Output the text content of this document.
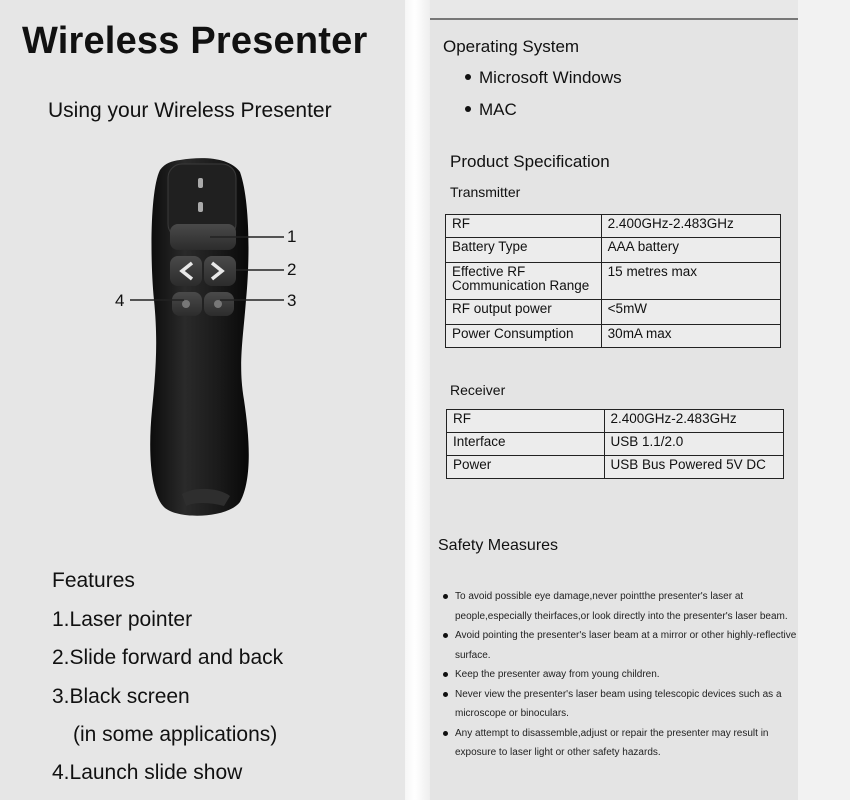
Wireless Presenter
Using your Wireless Presenter
1
2
4	3
Features
1.Laser pointer
2.Slide forward and back
3.Black screen
(in some applications)
4.Launch slide show
Operating System
Microsoft Windows
MAC
Product Specification
Transmitter
RF	2.400GHz-2.483GHz
Battery Type	AAA battery
Effective RF
Communication Range	15 metres max
RF output power	<5mW
Power Consumption	30mA max
Receiver
RF	2.400GHz-2.483GHz
Interface	USB 1.1/2.0
Power	USB Bus Powered 5V DC
Safety Measures
To avoid possible eye damage,never pointthe presenter's laser at people,especially theirfaces,or look directly into the presenter's laser beam.
Avoid pointing the presenter's laser beam at a mirror or other highly-reflective surface.
Keep the presenter away from young children.
Never view the presenter's laser beam using telescopic devices such as a microscope or binoculars.
Any attempt to disassemble,adjust or repair the presenter may result in exposure to laser light or other safety hazards.
